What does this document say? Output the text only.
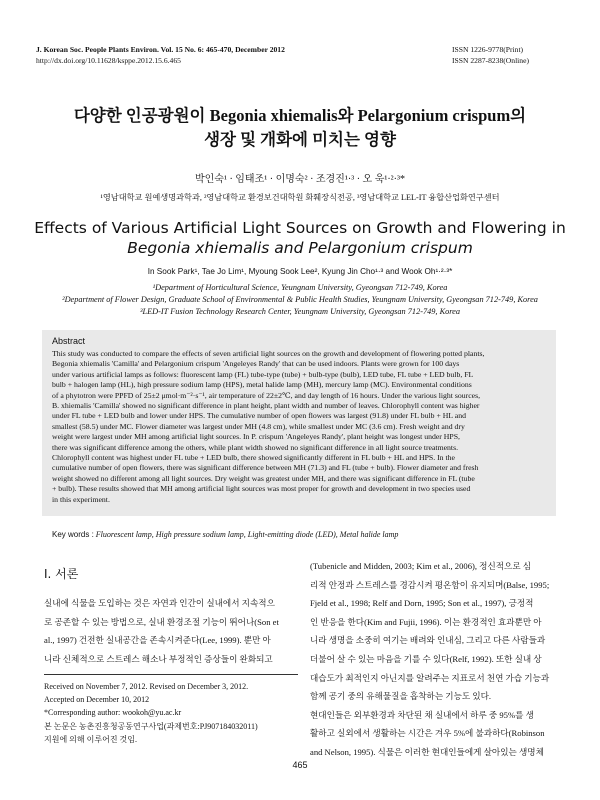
J. Korean Soc. People Plants Environ. Vol. 15 No. 6: 465-470, December 2012
http://dx.doi.org/10.11628/ksppe.2012.15.6.465
ISSN 1226-9778(Print)
ISSN 2287-8238(Online)
다양한 인공광원이 Begonia xhiemalis와 Pelargonium crispum의
생장 및 개화에 미치는 영향
박인숙¹ · 임태조¹ · 이명숙² · 조경진¹·³ · 오 욱¹·²·³*
¹영남대학교 원예생명과학과, ²영남대학교 환경보건대학원 화훼장식전공, ³영남대학교 LEL-IT 융합산업화연구센터
Effects of Various Artificial Light Sources on Growth and Flowering in
Begonia xhiemalis and Pelargonium crispum
In Sook Park¹, Tae Jo Lim¹, Myoung Sook Lee², Kyung Jin Cho¹·³ and Wook Oh¹·²·³*
¹Department of Horticultural Science, Yeungnam University, Gyeongsan 712-749, Korea
²Department of Flower Design, Graduate School of Environmental & Public Health Studies, Yeungnam University, Gyeongsan 712-749, Korea
³LED-IT Fusion Technology Research Center, Yeungnam University, Gyeongsan 712-749, Korea
Abstract
This study was conducted to compare the effects of seven artificial light sources on the growth and development of flowering potted plants,
Begonia xhiemalis 'Camilla' and Pelargonium crispum 'Angeleyes Randy' that can be used indoors. Plants were grown for 100 days
under various artificial lamps as follows: fluorescent lamp (FL) tube-type (tube) + bulb-type (bulb), LED tube, FL tube + LED bulb, FL
bulb + halogen lamp (HL), high pressure sodium lamp (HPS), metal halide lamp (MH), mercury lamp (MC). Environmental conditions
of a phytotron were PPFD of 25±2 μmol·m⁻²·s⁻¹, air temperature of 22±2℃, and day length of 16 hours. Under the various light sources,
B. xhiemalis 'Camilla' showed no significant difference in plant height, plant width and number of leaves. Chlorophyll content was higher
under FL tube + LED bulb and lower under HPS. The cumulative number of open flowers was largest (91.8) under FL bulb + HL and
smallest (58.5) under MC. Flower diameter was largest under MH (4.8 cm), while smallest under MC (3.6 cm). Fresh weight and dry
weight were largest under MH among artificial light sources. In P. crispum 'Angeleyes Randy', plant height was longest under HPS,
there was significant difference among the others, while plant width showed no significant difference in all light source treatments.
Chlorophyll content was highest under FL tube + LED bulb, there showed significantly different in FL bulb + HL and HPS. In the
cumulative number of open flowers, there was significant difference between MH (71.3) and FL (tube + bulb). Flower diameter and fresh
weight showed no different among all light sources. Dry weight was greatest under MH, and there was significant difference in FL (tube
+ bulb). These results showed that MH among artificial light sources was most proper for growth and development in two species used
in this experiment.
Key words : Fluorescent lamp, High pressure sodium lamp, Light-emitting diode (LED), Metal halide lamp
Ⅰ. 서론
실내에 식물을 도입하는 것은 자연과 인간이 실내에서 지속적으
로 공존할 수 있는 방법으로, 실내 환경조절 기능이 뛰어나(Son et
al., 1997) 건전한 실내공간을 존속시켜준다(Lee, 1999). 뿐만 아
니라 신체적으로 스트레스 해소나 부정적인 증상들이 완화되고
(Tubenicle and Midden, 2003; Kim et al., 2006), 정신적으로 심
리적 안정과 스트레스를 경감시켜 평온함이 유지되며(Balse, 1995;
Fjeld et al., 1998; Relf and Dorn, 1995; Son et al., 1997), 긍정적
인 반응을 한다(Kim and Fujii, 1996). 이는 환경적인 효과뿐만 아
니라 생명을 소중히 여기는 배려와 인내심, 그리고 다른 사람들과
더불어 살 수 있는 마음을 기를 수 있다(Relf, 1992). 또한 실내 상
대습도가 최적인지 아닌지를 알려주는 지표로서 천연 가습 기능과
함께 공기 중의 유해물질을 흡착하는 기능도 있다.
현대인들은 외부환경과 차단된 채 실내에서 하루 중 95%를 생
활하고 실외에서 생활하는 시간은 겨우 5%에 불과하다(Robinson
and Nelson, 1995). 식물은 이러한 현대인들에게 살아있는 생명체
Received on November 7, 2012. Revised on December 3, 2012.
Accepted on December 10, 2012
*Corresponding author: wookoh@yu.ac.kr
본 논문은 농촌진흥청공동연구사업(과제번호:PJ907184032011)
지원에 의해 이루어진 것임.
465
